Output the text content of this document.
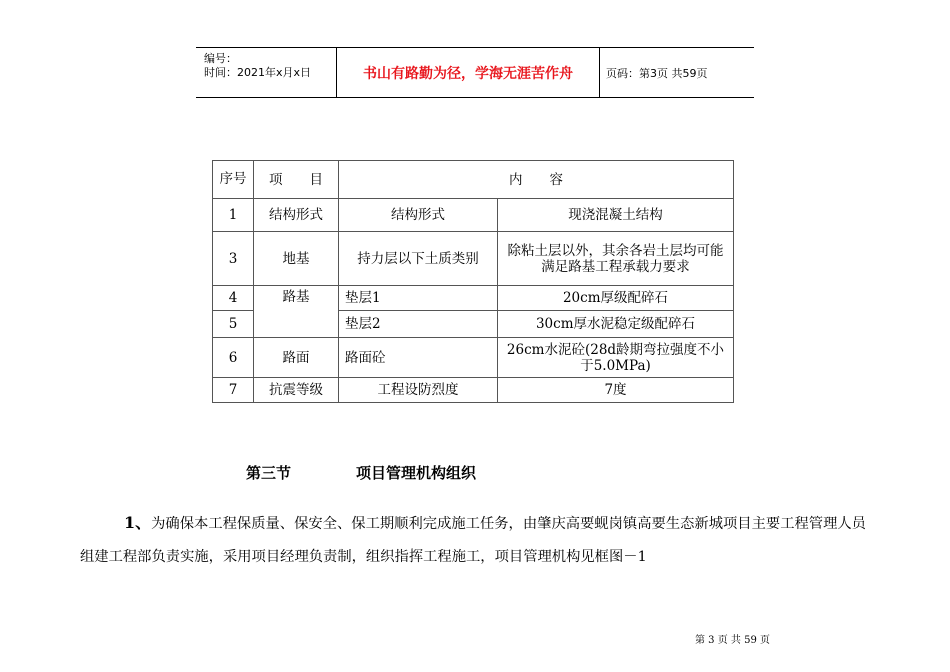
编号：
时间：2021年x月x日	书山有路勤为径，学海无涯苦作舟	页码：第3页 共59页
序号	项　　目	内　　容	
1	结构形式	结构形式	现浇混凝土结构
3	地基	持力层以下土质类别	除粘土层以外，其余各岩土层均可能满足路基工程承载力要求
4	路基	垫层1	20cm厚级配碎石
5		垫层2	30cm厚水泥稳定级配碎石
6	路面	路面砼	26cm水泥砼(28d龄期弯拉强度不小于5.0MPa)
7	抗震等级	工程设防烈度	7度
第三节	项目管理机构组织
1、为确保本工程保质量、保安全、保工期顺利完成施工任务，由肇庆高要蚬岗镇高要生态新城项目主要工程管理人员组建工程部负责实施，采用项目经理负责制，组织指挥工程施工，项目管理机构见框图－1
第 3 页 共 59 页
